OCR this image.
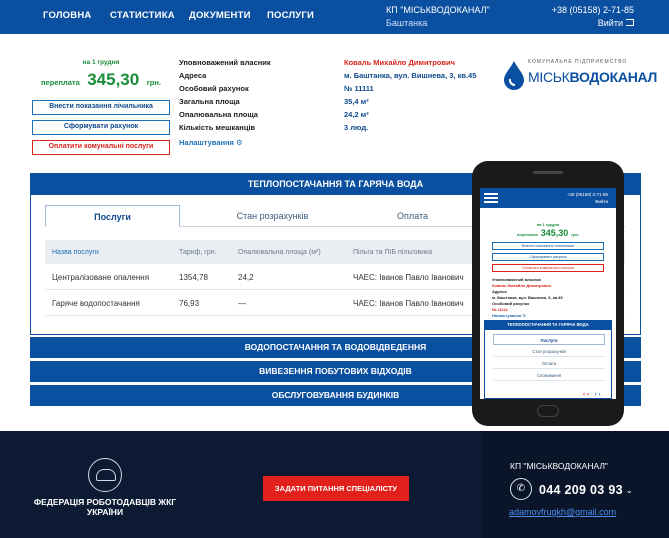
ГОЛОВНА СТАТИСТИКА ДОКУМЕНТИ ПОСЛУГИ	КП "МІСЬКВОДОКАНАЛ"
Баштанка
+38 (05158) 2-71-85
Вийти
на 1 грудня
переплата 345,30 грн.
Внести показання лічильника
Сформувати рахунок
Оплатити комунальні послуги
Уповноважений власник	Коваль Михайло Димитрович
Адреса	м. Баштанка, вул. Вишнева, 3, кв.45
Особовий рахунок	№ 11111
Загальна площа	35,4 м²
Опалювальна площа	24,2 м²
Кількість мешканців	3 люд.
Налаштування ⚙
КОМУНАЛЬНЕ ПІДПРИЄМСТВО
МІСЬКВОДОКАНАЛ
ТЕПЛОПОСТАЧАННЯ ТА ГАРЯЧА ВОДА
Послуги	Стан розрахунків	Оплата
Назва послуги	Тариф, грн.	Опалювальна площа (м²)	Пільга та ПІБ пільговика
Централізоване опалення	1354,78	24,2	ЧАЕС: Іванов Павло Іванович
Гаряче водопостачання	76,93	—	ЧАЕС: Іванов Павло Іванович
ВОДОПОСТАЧАННЯ ТА ВОДОВІДВЕДЕННЯ
ВИВЕЗЕННЯ ПОБУТОВИХ ВІДХОДІВ
ОБСЛУГОВУВАННЯ БУДИНКІВ
+38 (05158) 2-71-85
Вийти
на 1 грудня
переплата 345,30 грн.
Внести показання лічильника
Сформувати рахунок
Оплатити комунальні послуги
Уповноважений власник
Коваль Михайло Димитрович
Адреса
м. Баштанка, вул. Вишнева, 3, кв.45
Особовий рахунок
№ 11111
Налаштування ⚙
ТЕПЛОПОСТАЧАННЯ ТА ГАРЯЧА ВОДА
Послуги
Стан розрахунків
Оплата
Споживання
‹‹ ››
ФЕДЕРАЦІЯ РОБОТОДАВЦІВ ЖКГ УКРАЇНИ
ЗАДАТИ ПИТАННЯ СПЕЦІАЛІСТУ
КП "МІСЬКВОДОКАНАЛ"
✆	044 209 03 93 ⌄
adamovfrugkh@gmail.com
